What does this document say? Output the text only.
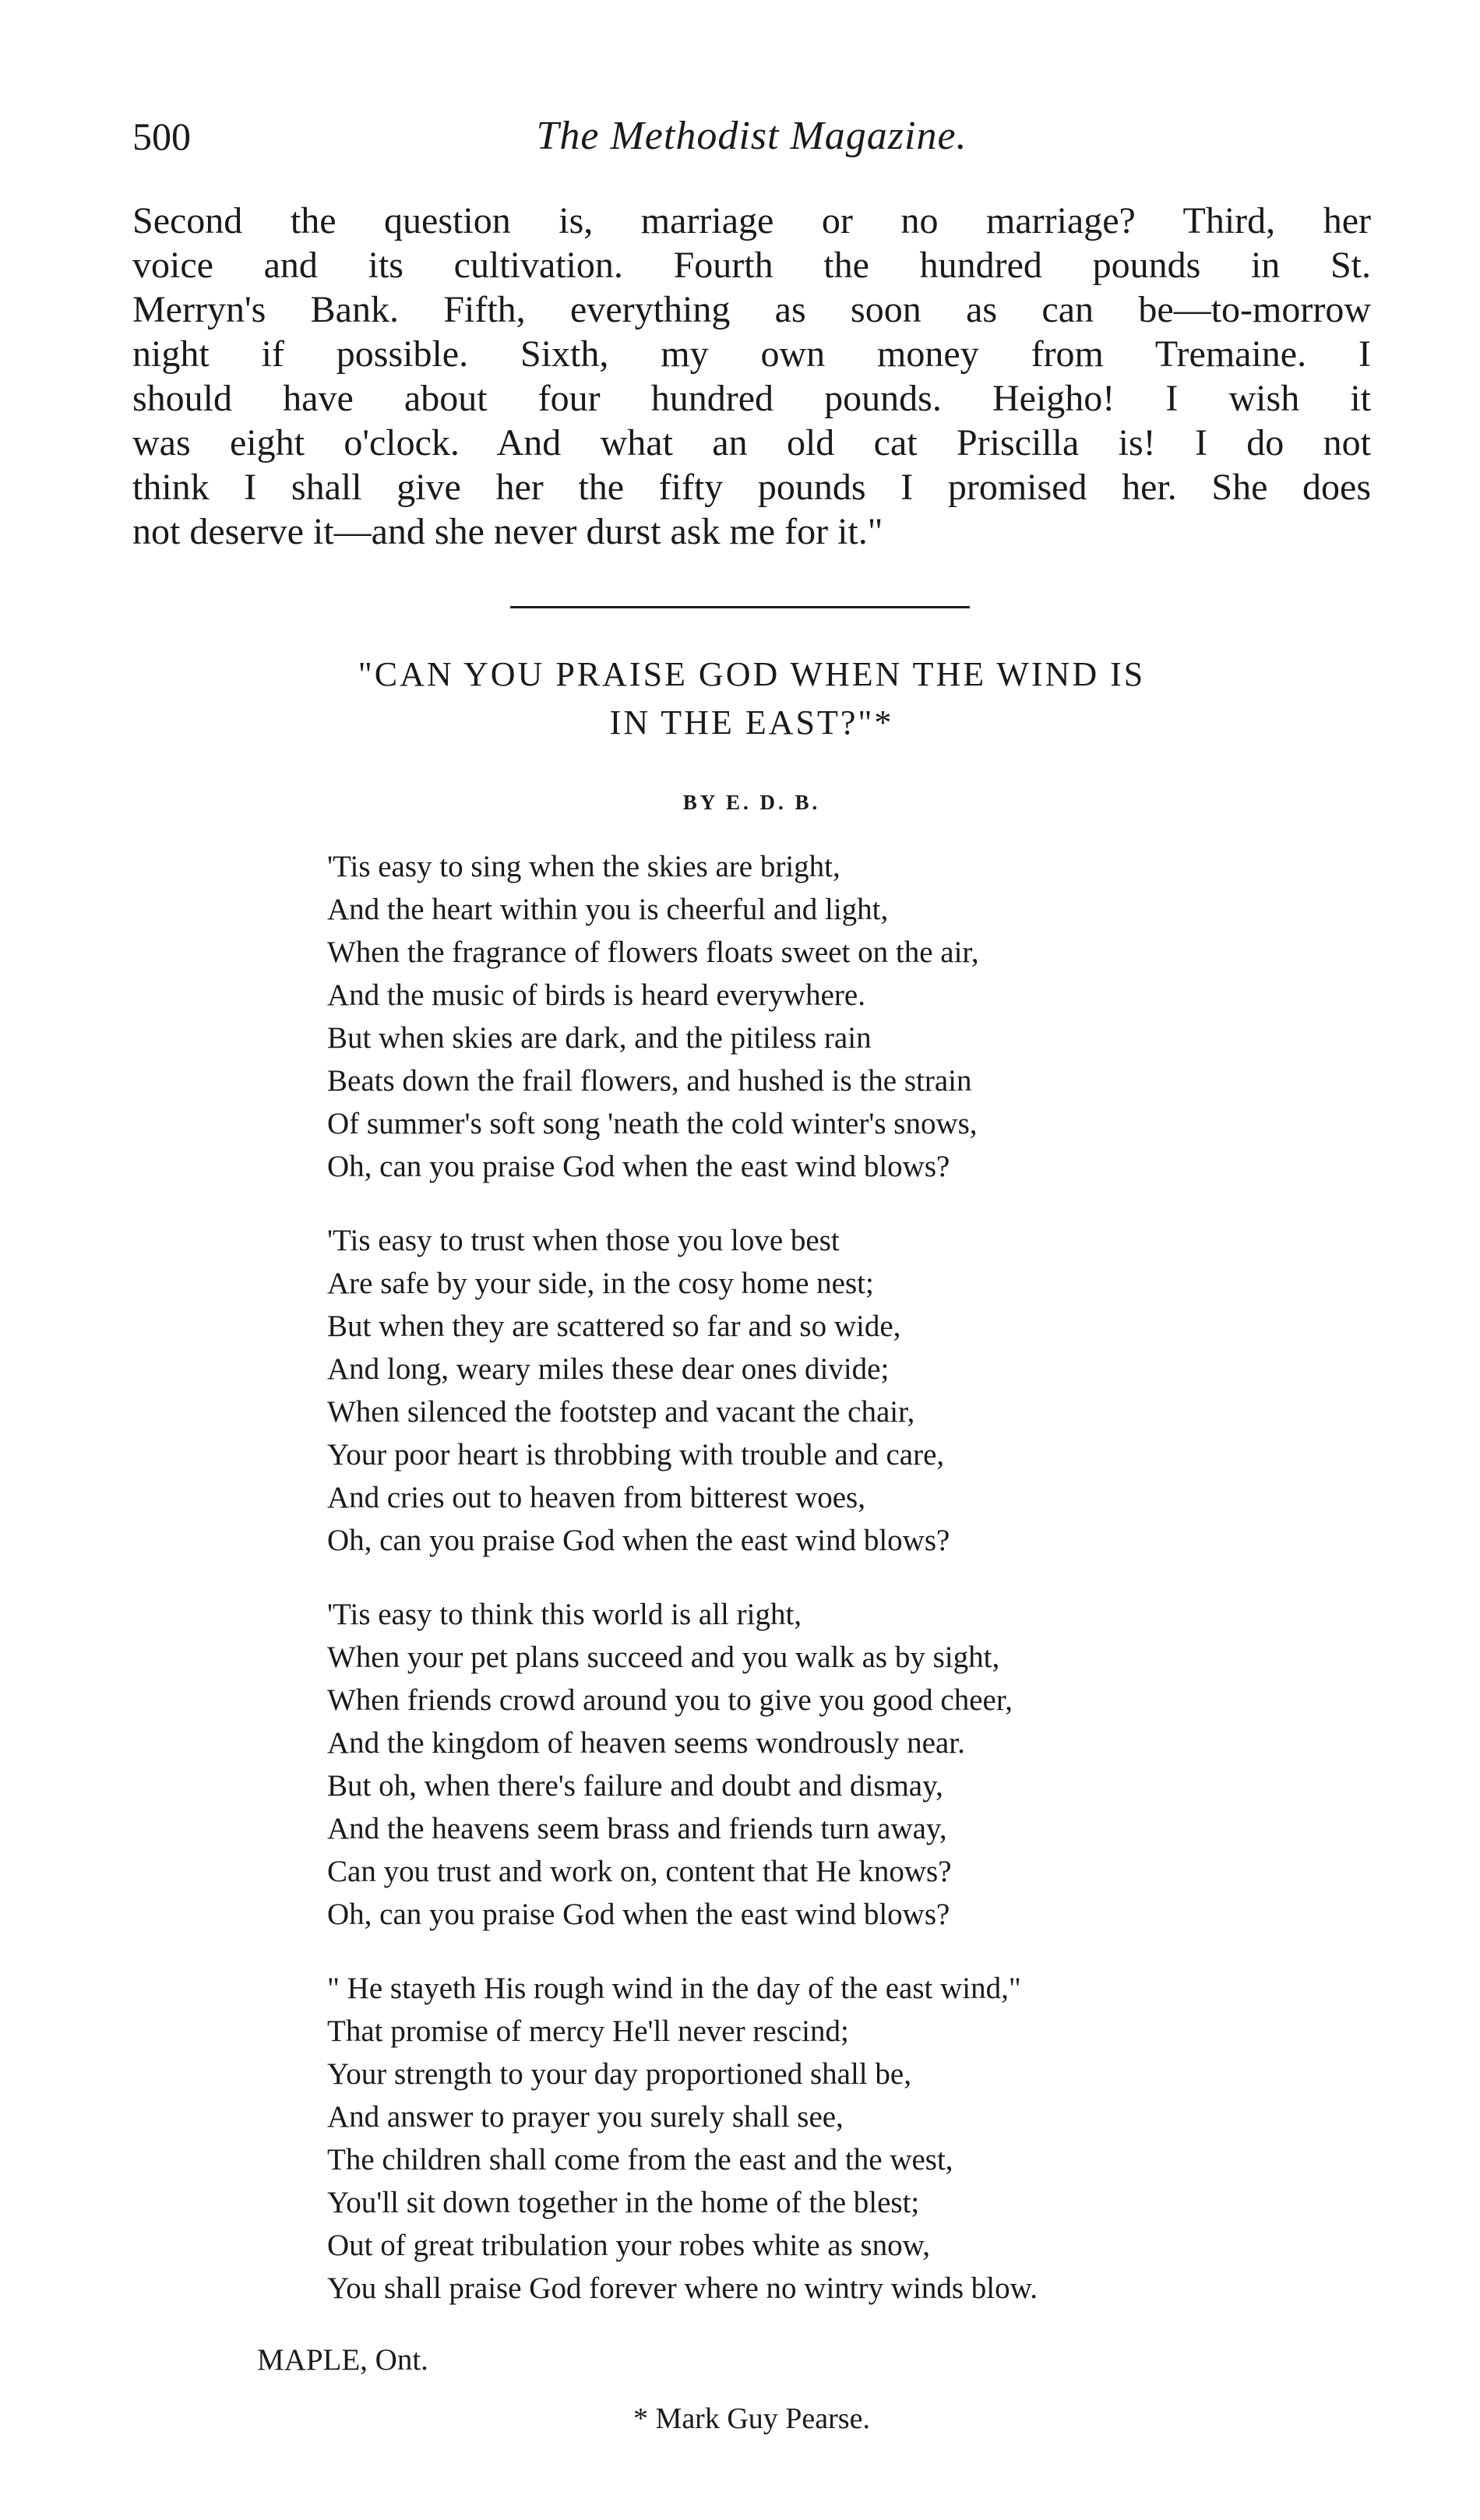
500	The Methodist Magazine.
Second the question is, marriage or no marriage? Third, her
voice and its cultivation. Fourth the hundred pounds in St.
Merryn's Bank. Fifth, everything as soon as can be—to-morrow
night if possible. Sixth, my own money from Tremaine. I
should have about four hundred pounds. Heigho! I wish it
was eight o'clock. And what an old cat Priscilla is! I do not
think I shall give her the fifty pounds I promised her. She does
not deserve it—and she never durst ask me for it."
"CAN YOU PRAISE GOD WHEN THE WIND IS
IN THE EAST?"*
BY E. D. B.
'Tis easy to sing when the skies are bright,
And the heart within you is cheerful and light,
When the fragrance of flowers floats sweet on the air,
And the music of birds is heard everywhere.
But when skies are dark, and the pitiless rain
Beats down the frail flowers, and hushed is the strain
Of summer's soft song 'neath the cold winter's snows,
Oh, can you praise God when the east wind blows?
'Tis easy to trust when those you love best
Are safe by your side, in the cosy home nest;
But when they are scattered so far and so wide,
And long, weary miles these dear ones divide;
When silenced the footstep and vacant the chair,
Your poor heart is throbbing with trouble and care,
And cries out to heaven from bitterest woes,
Oh, can you praise God when the east wind blows?
'Tis easy to think this world is all right,
When your pet plans succeed and you walk as by sight,
When friends crowd around you to give you good cheer,
And the kingdom of heaven seems wondrously near.
But oh, when there's failure and doubt and dismay,
And the heavens seem brass and friends turn away,
Can you trust and work on, content that He knows?
Oh, can you praise God when the east wind blows?
" He stayeth His rough wind in the day of the east wind,"
That promise of mercy He'll never rescind;
Your strength to your day proportioned shall be,
And answer to prayer you surely shall see,
The children shall come from the east and the west,
You'll sit down together in the home of the blest;
Out of great tribulation your robes white as snow,
You shall praise God forever where no wintry winds blow.
MAPLE, Ont.
* Mark Guy Pearse.
